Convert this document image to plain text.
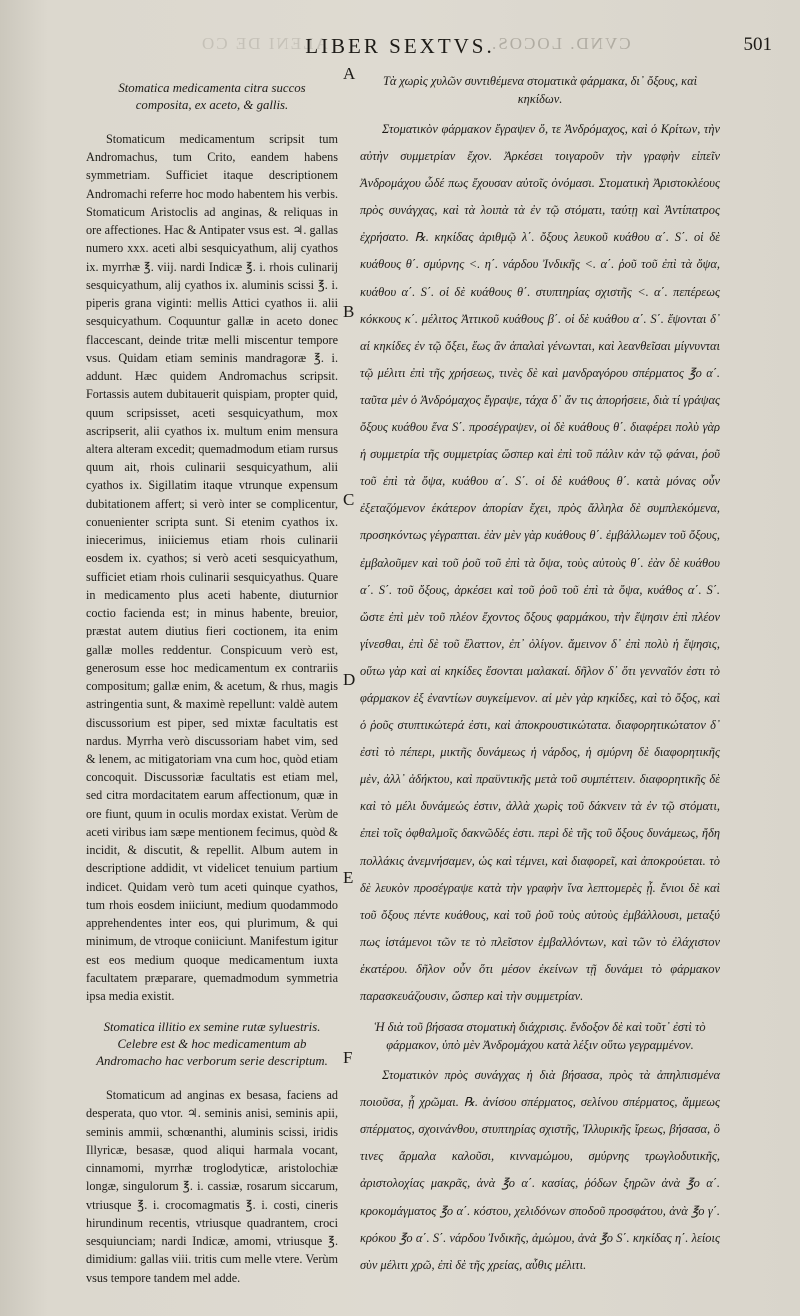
ALENI DE CO	CVND. LOCOS.
LIBER SEXTVS.	501
A
B
C
D
E
F
Stomatica medicamenta citra succos composita, ex aceto, & gallis.

Stomaticum medicamentum scripsit tum Andromachus, tum Crito, eandem habens symmetriam. Sufficiet itaque descriptionem Andromachi referre hoc modo habentem his verbis. Stomaticum Aristoclis ad anginas, & reliquas in ore affectiones. Hac & Antipater vsus est. ♃. gallas numero xxx. aceti albi sesquicyathum, alij cyathos ix. myrrhæ ℥. viij. nardi Indicæ ℥. i. rhois culinarij sesquicyathum, alij cyathos ix. aluminis scissi ℥. i. piperis grana viginti: mellis Attici cyathos ii. alii sesquicyathum. Coquuntur gallæ in aceto donec flaccescant, deinde tritæ melli miscentur tempore vsus. Quidam etiam seminis mandragoræ ℥. i. addunt. Hæc quidem Andromachus scripsit. Fortassis autem dubitauerit quispiam, propter quid, quum scripsisset, aceti sesquicyathum, mox ascripserit, alii cyathos ix. multum enim mensura altera alteram excedit; quemadmodum etiam rursus quum ait, rhois culinarii sesquicyathum, alii cyathos ix. Sigillatim itaque vtrunque expensum dubitationem affert; si verò inter se complicentur, conuenienter scripta sunt. Si etenim cyathos ix. iniecerimus, iniiciemus etiam rhois culinarii eosdem ix. cyathos; si verò aceti sesquicyathum, sufficiet etiam rhois culinarii sesquicyathus. Quare in medicamento plus aceti habente, diuturnior coctio facienda est; in minus habente, breuior, præstat autem diutius fieri coctionem, ita enim gallæ molles reddentur. Conspicuum verò est, generosum esse hoc medicamentum ex contrariis compositum; gallæ enim, & acetum, & rhus, magis astringentia sunt, & maximè repellunt: valdè autem discussorium est piper, sed mixtæ facultatis est nardus. Myrrha verò discussoriam habet vim, sed & lenem, ac mitigatoriam vna cum hoc, quòd etiam concoquit. Discussoriæ facultatis est etiam mel, sed citra mordacitatem earum affectionum, quæ in ore fiunt, quum in oculis mordax existat. Verùm de aceti viribus iam sæpe mentionem fecimus, quòd & incidit, & discutit, & repellit. Album autem in descriptione addidit, vt videlicet tenuium partium indicet. Quidam verò tum aceti quinque cyathos, tum rhois eosdem iniiciunt, medium quodammodo apprehendentes inter eos, qui plurimum, & qui minimum, de vtroque coniiciunt. Manifestum igitur est eos medium quoque medicamentum iuxta facultatem præparare, quemadmodum symmetria ipsa media existit.

Stomatica illitio ex semine rutæ syluestris. Celebre est & hoc medicamentum ab Andromacho hac verborum serie descriptum.

Stomaticum ad anginas ex besasa, faciens ad desperata, quo vtor. ♃. seminis anisi, seminis apii, seminis ammii, schœnanthi, aluminis scissi, iridis Illyricæ, besasæ, quod aliqui harmala vocant, cinnamomi, myrrhæ troglodyticæ, aristolochiæ longæ, singulorum ℥. i. cassiæ, rosarum siccarum, vtriusque ℥. i. crocomagmatis ℥. i. costi, cineris hirundinum recentis, vtriusque quadrantem, croci sesquiunciam; nardi Indicæ, amomi, vtriusque ℥. dimidium: gallas viii. tritis cum melle vtere. Verùm vsus tempore tandem mel adde.

Τὰ χωρὶς χυλῶν συντιθέμενα στοματικὰ φάρμακα, δι᾽ ὄξους, καὶ κηκίδων.

Στοματικὸν φάρμακον ἔγραψεν ὅ, τε Ἀνδρόμαχος, καὶ ὁ Κρίτων, τὴν αὐτὴν συμμετρίαν ἔχον. Ἀρκέσει τοιγαροῦν τὴν γραφὴν εἰπεῖν Ἀνδρομάχου ὧδέ πως ἔχουσαν αὐτοῖς ὀνόμασι. Στοματικὴ Ἀριστοκλέους πρὸς συνάγχας, καὶ τὰ λοιπὰ τὰ ἐν τῷ στόματι, ταύτῃ καὶ Ἀντίπατρος ἐχρήσατο. ℞. κηκίδας ἀριθμῷ λ΄. ὄξους λευκοῦ κυάθου α΄. S΄. οἱ δὲ κυάθους θ΄. σμύρνης <. η΄. νάρδου Ἰνδικῆς <. α΄. ῥοῦ τοῦ ἐπὶ τὰ ὄψα, κυάθου α΄. S΄. οἱ δὲ κυάθους θ΄. στυπτηρίας σχιστῆς <. α΄. πεπέρεως κόκκους κ΄. μέλιτος Ἀττικοῦ κυάθους β΄. οἱ δὲ κυάθου α΄. S΄. ἕψονται δ᾽ αἱ κηκίδες ἐν τῷ ὄξει, ἕως ἂν ἁπαλαὶ γένωνται, καὶ λεανθεῖσαι μίγνυνται τῷ μέλιτι ἐπὶ τῆς χρήσεως, τινὲς δὲ καὶ μανδραγόρου σπέρματος ℥ο α΄. ταῦτα μὲν ὁ Ἀνδρόμαχος ἔγραψε, τάχα δ᾽ ἄν τις ἀπορήσειε, διὰ τί γράψας ὄξους κυάθου ἕνα S΄. προσέγραψεν, οἱ δὲ κυάθους θ΄. διαφέρει πολὺ γὰρ ἡ συμμετρία τῆς συμμετρίας ὥσπερ καὶ ἐπὶ τοῦ πάλιν κἀν τῷ φάναι, ῥοῦ τοῦ ἐπὶ τὰ ὄψα, κυάθου α΄. S΄. οἱ δὲ κυάθους θ΄. κατὰ μόνας οὖν ἐξεταζόμενον ἑκάτερον ἀπορίαν ἔχει, πρὸς ἄλληλα δὲ συμπλεκόμενα, προσηκόντως γέγραπται. ἐὰν μὲν γὰρ κυάθους θ΄. ἐμβάλλωμεν τοῦ ὄξους, ἐμβαλοῦμεν καὶ τοῦ ῥοῦ τοῦ ἐπὶ τὰ ὄψα, τοὺς αὐτοὺς θ΄. ἐὰν δὲ κυάθου α΄. S΄. τοῦ ὄξους, ἀρκέσει καὶ τοῦ ῥοῦ τοῦ ἐπὶ τὰ ὄψα, κυάθος α΄. S΄. ὥστε ἐπὶ μὲν τοῦ πλέον ἔχοντος ὄξους φαρμάκου, τὴν ἕψησιν ἐπὶ πλέον γίνεσθαι, ἐπὶ δὲ τοῦ ἔλαττον, ἐπ᾽ ὀλίγον. ἄμεινον δ᾽ ἐπὶ πολὺ ἡ ἕψησις, οὕτω γὰρ καὶ αἱ κηκίδες ἔσονται μαλακαί. δῆλον δ᾽ ὅτι γενναῖόν ἐστι τὸ φάρμακον ἐξ ἐναντίων συγκείμενον. αἱ μὲν γὰρ κηκίδες, καὶ τὸ ὄξος, καὶ ὁ ῥοῦς στυπτικώτερά ἐστι, καὶ ἀποκρουστικώτατα. διαφορητικώτατον δ᾽ ἐστὶ τὸ πέπερι, μικτῆς δυνάμεως ἡ νάρδος, ἡ σμύρνη δὲ διαφορητικῆς μὲν, ἀλλ᾽ ἀδήκτου, καὶ πραϋντικῆς μετὰ τοῦ συμπέττειν. διαφορητικῆς δὲ καὶ τὸ μέλι δυνάμεώς ἐστιν, ἀλλὰ χωρὶς τοῦ δάκνειν τὰ ἐν τῷ στόματι, ἐπεὶ τοῖς ὀφθαλμοῖς δακνῶδές ἐστι. περὶ δὲ τῆς τοῦ ὄξους δυνάμεως, ἤδη πολλάκις ἀνεμνήσαμεν, ὡς καὶ τέμνει, καὶ διαφορεῖ, καὶ ἀποκρούεται. τὸ δὲ λευκὸν προσέγραψε κατὰ τὴν γραφὴν ἵνα λεπτομερὲς ᾖ. ἔνιοι δὲ καὶ τοῦ ὄξους πέντε κυάθους, καὶ τοῦ ῥοῦ τοὺς αὐτοὺς ἐμβάλλουσι, μεταξύ πως ἱστάμενοι τῶν τε τὸ πλεῖστον ἐμβαλλόντων, καὶ τῶν τὸ ἐλάχιστον ἑκατέρου. δῆλον οὖν ὅτι μέσον ἐκείνων τῇ δυνάμει τὸ φάρμακον παρασκευάζουσιν, ὥσπερ καὶ τὴν συμμετρίαν.

Ἡ διὰ τοῦ βήσασα στοματικὴ διάχρισις. ἔνδοξον δὲ καὶ τοῦτ᾽ ἐστὶ τὸ φάρμακον, ὑπὸ μὲν Ἀνδρομάχου κατὰ λέξιν οὕτω γεγραμμένον.

Στοματικὸν πρὸς συνάγχας ἡ διὰ βήσασα, πρὸς τὰ ἀπηλπισμένα ποιοῦσα, ᾗ χρῶμαι. ℞. ἀνίσου σπέρματος, σελίνου σπέρματος, ἄμμεως σπέρματος, σχοινάνθου, στυπτηρίας σχιστῆς, Ἰλλυρικῆς ἴρεως, βήσασα, ὃ τινες ἅρμαλα καλοῦσι, κινναμώμου, σμύρνης τρωγλοδυτικῆς, ἀριστολοχίας μακρᾶς, ἀνὰ ℥ο α΄. κασίας, ῥόδων ξηρῶν ἀνὰ ℥ο α΄. κροκομάγματος ℥ο α΄. κόστου, χελιδόνων σποδοῦ προσφάτου, ἀνὰ ℥ο γ΄. κρόκου ℥ο α΄. S΄. νάρδου Ἰνδικῆς, ἀμώμου, ἀνὰ ℥ο S΄. κηκίδας η΄. λείοις σὺν μέλιτι χρῶ, ἐπὶ δὲ τῆς χρείας, αὖθις μέλιτι.
